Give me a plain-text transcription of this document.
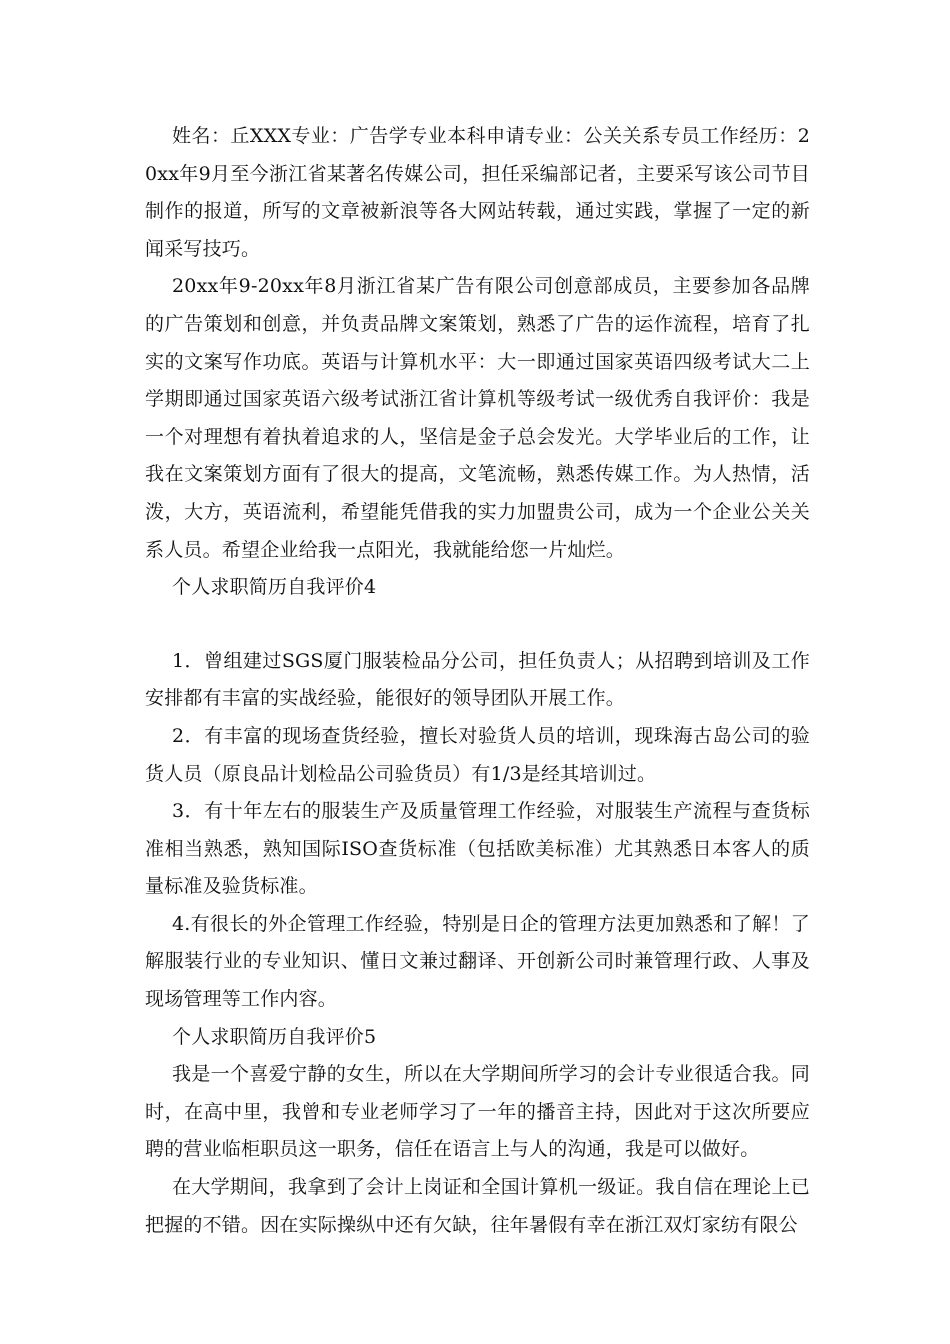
姓名：丘XXX专业：广告学专业本科申请专业：公关关系专员工作经历：20xx年9月至今浙江省某著名传媒公司，担任采编部记者，主要采写该公司节目制作的报道，所写的文章被新浪等各大网站转载，通过实践，掌握了一定的新闻采写技巧。

20xx年9-20xx年8月浙江省某广告有限公司创意部成员，主要参加各品牌的广告策划和创意，并负责品牌文案策划，熟悉了广告的运作流程，培育了扎实的文案写作功底。英语与计算机水平：大一即通过国家英语四级考试大二上学期即通过国家英语六级考试浙江省计算机等级考试一级优秀自我评价：我是一个对理想有着执着追求的人，坚信是金子总会发光。大学毕业后的工作，让我在文案策划方面有了很大的提高，文笔流畅，熟悉传媒工作。为人热情，活泼，大方，英语流利，希望能凭借我的实力加盟贵公司，成为一个企业公关关系人员。希望企业给我一点阳光，我就能给您一片灿烂。

个人求职简历自我评价4

1．曾组建过SGS厦门服装检品分公司，担任负责人；从招聘到培训及工作安排都有丰富的实战经验，能很好的领导团队开展工作。

2．有丰富的现场查货经验，擅长对验货人员的培训，现珠海古岛公司的验货人员（原良品计划检品公司验货员）有1/3是经其培训过。

3．有十年左右的服装生产及质量管理工作经验，对服装生产流程与查货标准相当熟悉，熟知国际ISO查货标准（包括欧美标准）尤其熟悉日本客人的质量标准及验货标准。

4.有很长的外企管理工作经验，特别是日企的管理方法更加熟悉和了解！了解服装行业的专业知识、懂日文兼过翻译、开创新公司时兼管理行政、人事及现场管理等工作内容。

个人求职简历自我评价5

我是一个喜爱宁静的女生，所以在大学期间所学习的会计专业很适合我。同时，在高中里，我曾和专业老师学习了一年的播音主持，因此对于这次所要应聘的营业临柜职员这一职务，信任在语言上与人的沟通，我是可以做好。

在大学期间，我拿到了会计上岗证和全国计算机一级证。我自信在理论上已把握的不错。因在实际操纵中还有欠缺，往年暑假有幸在浙江双灯家纺有限公
